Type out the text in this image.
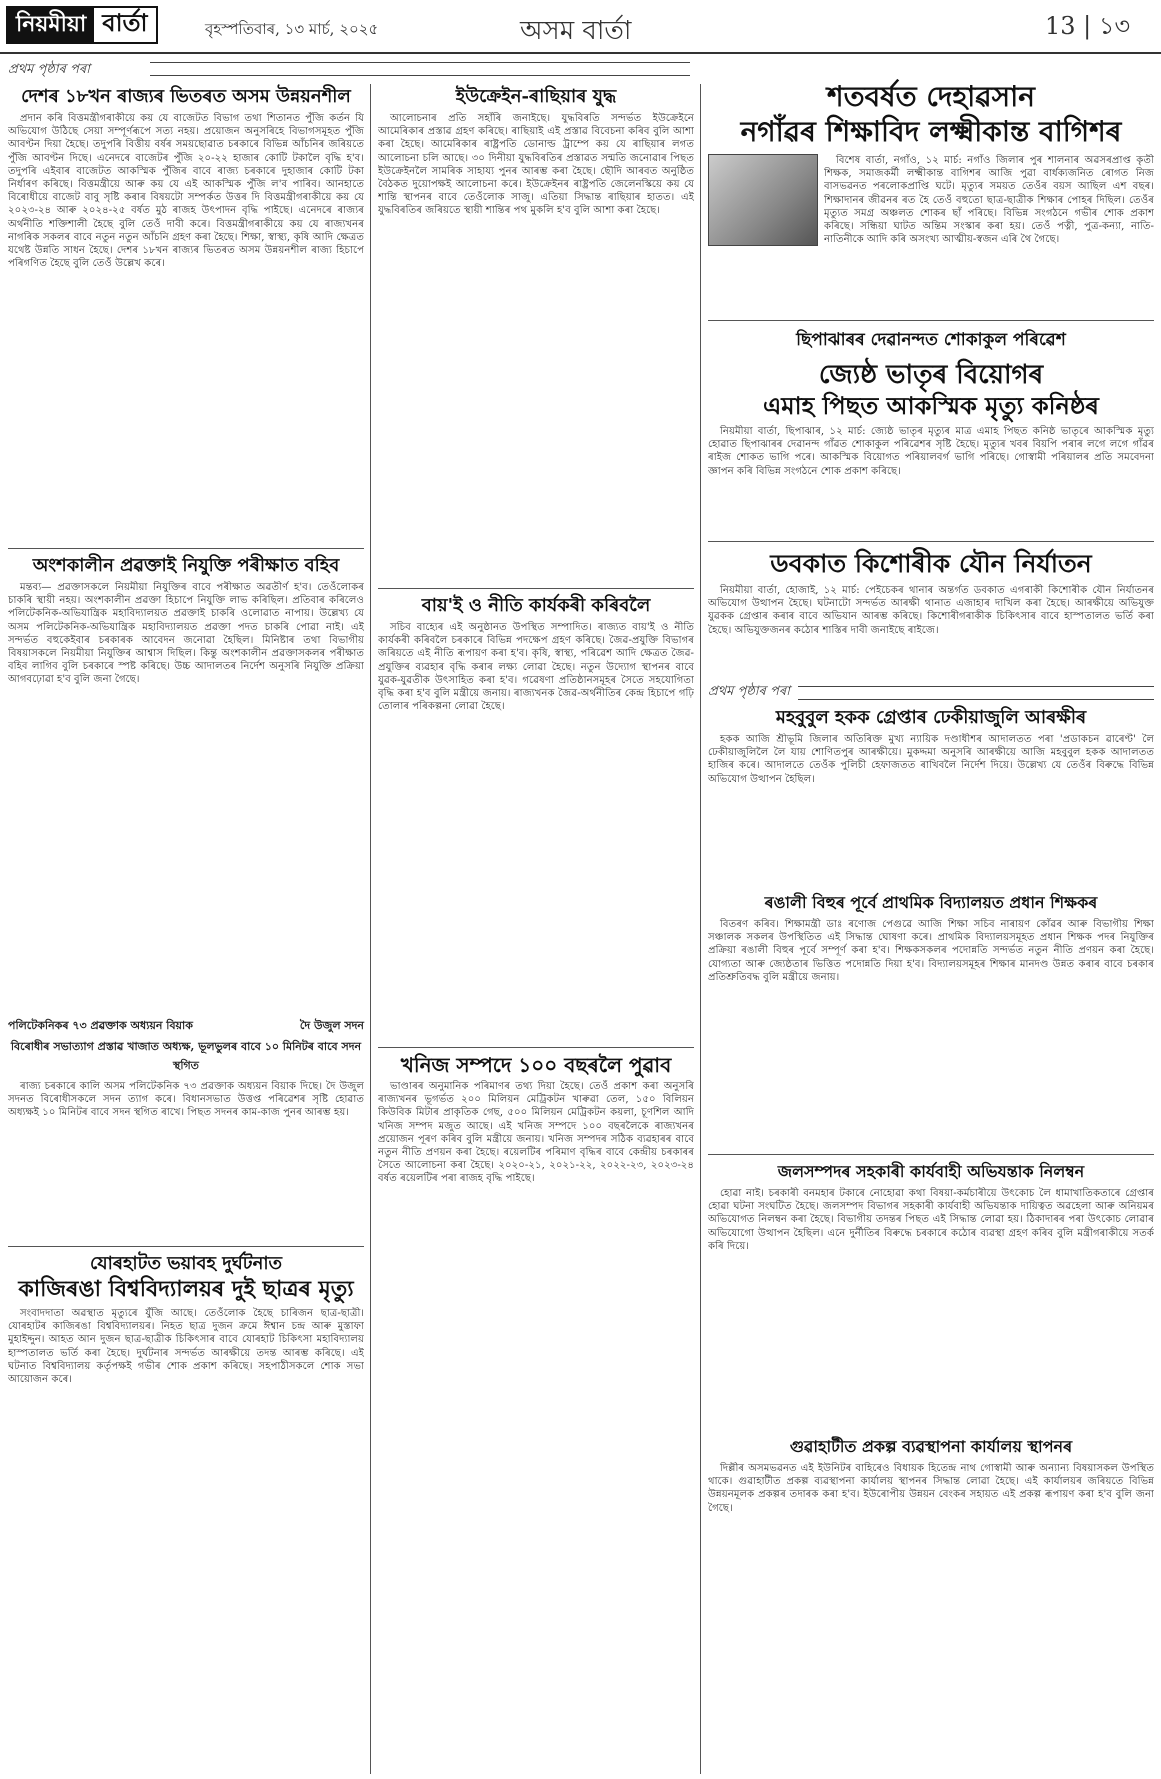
নিয়মীয়া বাৰ্তা	বৃহস্পতিবাৰ, ১৩ মাৰ্চ, ২০২৫	অসম বাৰ্তা	13 | ১৩
প্ৰথম পৃষ্ঠাৰ পৰা
দেশৰ ১৮খন ৰাজ্যৰ ভিতৰত অসম উন্নয়নশীল

প্ৰদান কৰি বিত্তমন্ত্ৰীগৰাকীয়ে কয় যে বাজেটত বিভাগ তথা শিতানত পুঁজি কৰ্তন যি অভিযোগ উঠিছে সেয়া সম্পূৰ্ণৰূপে সত্য নহয়। প্ৰয়োজন অনুসৰিহে বিভাগসমূহত পুঁজি আবণ্টন দিয়া হৈছে। তদুপৰি বিত্তীয় বৰ্ষৰ সময়ছোৱাত চৰকাৰে বিভিন্ন আঁচনিৰ জৰিয়তে পুঁজি আবণ্টন দিছে। এনেদৰে বাজেটৰ পুঁজি ২০-২২ হাজাৰ কোটি টকালৈ বৃদ্ধি হ'ব। তদুপৰি এইবাৰ বাজেটত আকস্মিক পুঁজিৰ বাবে ৰাজ্য চৰকাৰে দুহাজাৰ কোটি টকা নিৰ্ধাৰণ কৰিছে। বিত্তমন্ত্ৰীয়ে আৰু কয় যে এই আকস্মিক পুঁজি ল'ব পাৰিব। আনহাতে বিৰোধীয়ে বাজেট বাবু সৃষ্টি কৰাৰ বিষয়টো সম্পৰ্কত উত্তৰ দি বিত্তমন্ত্ৰীগৰাকীয়ে কয় যে ২০২৩-২৪ আৰু ২০২৪-২৫ বৰ্ষত মুঠ ৰাজহ উৎপাদন বৃদ্ধি পাইছে। এনেদৰে ৰাজ্যৰ অৰ্থনীতি শক্তিশালী হৈছে বুলি তেওঁ দাবী কৰে। বিত্তমন্ত্ৰীগৰাকীয়ে কয় যে ৰাজ্যখনৰ নাগৰিক সকলৰ বাবে নতুন নতুন আঁচনি গ্ৰহণ কৰা হৈছে। শিক্ষা, স্বাস্থ্য, কৃষি আদি ক্ষেত্ৰত যথেষ্ট উন্নতি সাধন হৈছে। দেশৰ ১৮খন ৰাজ্যৰ ভিতৰত অসম উন্নয়নশীল ৰাজ্য হিচাপে পৰিগণিত হৈছে বুলি তেওঁ উল্লেখ কৰে।

অংশকালীন প্ৰৱক্তাই নিযুক্তি পৰীক্ষাত বহিব

মন্তব্য— প্ৰৱক্তাসকলে নিয়মীয়া নিযুক্তিৰ বাবে পৰীক্ষাত অৱতীৰ্ণ হ'ব। তেওঁলোকৰ চাকৰি স্থায়ী নহয়। অংশকালীন প্ৰৱক্তা হিচাপে নিযুক্তি লাভ কৰিছিল। প্ৰতিবাৰ কৰিলেও পলিটেকনিক-অভিযান্ত্ৰিক মহাবিদ্যালয়ত প্ৰৱক্তাই চাকৰি ওলোৱাত নাপায়। উল্লেখ্য যে অসম পলিটেকনিক-অভিযান্ত্ৰিক মহাবিদ্যালয়ত প্ৰৱক্তা পদত চাকৰি পোৱা নাই। এই সন্দৰ্ভত বহুকেইবাৰ চৰকাৰক আবেদন জনোৱা হৈছিল। মিনিষ্টাৰ তথা বিভাগীয় বিষয়াসকলে নিয়মীয়া নিযুক্তিৰ আশ্বাস দিছিল। কিন্তু অংশকালীন প্ৰৱক্তাসকলৰ পৰীক্ষাত বহিব লাগিব বুলি চৰকাৰে স্পষ্ট কৰিছে। উচ্চ আদালতৰ নিৰ্দেশ অনুসৰি নিযুক্তি প্ৰক্ৰিয়া আগবঢ়োৱা হ'ব বুলি জনা গৈছে।

পলিটেকনিকৰ ৭৩ প্ৰৱক্তাক অধ্যয়ন বিয়াক	দৈ উজুল সদন
বিৰোধীৰ সভাত্যাগ প্ৰস্তাৱ খাজাত অধ্যক্ষ, ভূলভুলৰ বাবে ১০ মিনিটৰ বাবে সদন স্থগিত

ৰাজ্য চৰকাৰে কালি অসম পলিটেকনিক ৭৩ প্ৰৱক্তাক অধ্যয়ন বিয়াক দিছে। দৈ উজুল সদনত বিৰোধীসকলে সদন ত্যাগ কৰে। বিধানসভাত উত্তপ্ত পৰিৱেশৰ সৃষ্টি হোৱাত অধ্যক্ষই ১০ মিনিটৰ বাবে সদন স্থগিত ৰাখে। পিছত সদনৰ কাম-কাজ পুনৰ আৰম্ভ হয়।

যোৰহাটত ভয়াবহ দুৰ্ঘটনাত
কাজিৰঙা বিশ্ববিদ্যালয়ৰ দুই ছাত্ৰৰ মৃত্যু

সংবাদদাতা অৱস্থাত মৃত্যুৰে যুঁজি আছে। তেওঁলোক হৈছে চাৰিজন ছাত্ৰ-ছাত্ৰী। যোৰহাটৰ কাজিৰঙা বিশ্ববিদ্যালয়ৰ। নিহত ছাত্ৰ দুজন ক্ৰমে ঈশ্বান চন্দ্ৰ আৰু মুস্তাফা মুহাইদ্দুন। আহত আন দুজন ছাত্ৰ-ছাত্ৰীক চিকিৎসাৰ বাবে যোৰহাট চিকিৎসা মহাবিদ্যালয় হাস্পতালত ভৰ্তি কৰা হৈছে। দুৰ্ঘটনাৰ সন্দৰ্ভত আৰক্ষীয়ে তদন্ত আৰম্ভ কৰিছে। এই ঘটনাত বিশ্ববিদ্যালয় কৰ্তৃপক্ষই গভীৰ শোক প্ৰকাশ কৰিছে। সহপাঠীসকলে শোক সভা আয়োজন কৰে।

ইউক্ৰেইন-ৰাছিয়াৰ যুদ্ধ

আলোচনাৰ প্ৰতি সহাঁৰি জনাইছে। যুদ্ধবিৰতি সন্দৰ্ভত ইউক্ৰেইনে আমেৰিকাৰ প্ৰস্তাৱ গ্ৰহণ কৰিছে। ৰাছিয়াই এই প্ৰস্তাৱ বিবেচনা কৰিব বুলি আশা কৰা হৈছে। আমেৰিকাৰ ৰাষ্ট্ৰপতি ডোনাল্ড ট্ৰাম্পে কয় যে ৰাছিয়াৰ লগত আলোচনা চলি আছে। ৩০ দিনীয়া যুদ্ধবিৰতিৰ প্ৰস্তাৱত সন্মতি জনোৱাৰ পিছত ইউক্ৰেইনলৈ সামৰিক সাহায্য পুনৰ আৰম্ভ কৰা হৈছে। ছৌদি আৰবত অনুষ্ঠিত বৈঠকত দুয়োপক্ষই আলোচনা কৰে। ইউক্ৰেইনৰ ৰাষ্ট্ৰপতি জেলেনস্কিয়ে কয় যে শান্তি স্থাপনৰ বাবে তেওঁলোক সাজু। এতিয়া সিদ্ধান্ত ৰাছিয়াৰ হাতত। এই যুদ্ধবিৰতিৰ জৰিয়তে স্থায়ী শান্তিৰ পথ মুকলি হ'ব বুলি আশা কৰা হৈছে।

বায়'ই ও নীতি কাৰ্যকৰী কৰিবলৈ

সচিব বাহ্যেৰ এই অনুষ্ঠানত উপস্থিত সম্পাদিত। ৰাজ্যত বায়'ই ও নীতি কাৰ্যকৰী কৰিবলৈ চৰকাৰে বিভিন্ন পদক্ষেপ গ্ৰহণ কৰিছে। জৈৱ-প্ৰযুক্তি বিভাগৰ জৰিয়তে এই নীতি ৰূপায়ণ কৰা হ'ব। কৃষি, স্বাস্থ্য, পৰিৱেশ আদি ক্ষেত্ৰত জৈৱ-প্ৰযুক্তিৰ ব্যৱহাৰ বৃদ্ধি কৰাৰ লক্ষ্য লোৱা হৈছে। নতুন উদ্যোগ স্থাপনৰ বাবে যুৱক-যুৱতীক উৎসাহিত কৰা হ'ব। গৱেষণা প্ৰতিষ্ঠানসমূহৰ সৈতে সহযোগিতা বৃদ্ধি কৰা হ'ব বুলি মন্ত্ৰীয়ে জনায়। ৰাজ্যখনক জৈৱ-অৰ্থনীতিৰ কেন্দ্ৰ হিচাপে গঢ়ি তোলাৰ পৰিকল্পনা লোৱা হৈছে।

খনিজ সম্পদে ১০০ বছৰলৈ পুৱাব

ভাণ্ডাৰৰ অনুমানিক পৰিমাণৰ তথ্য দিয়া হৈছে। তেওঁ প্ৰকাশ কৰা অনুসৰি ৰাজ্যখনৰ ভূগৰ্ভত ২০০ মিলিয়ন মেট্ৰিকটন খাৰুৱা তেল, ১৫০ বিলিয়ন কিউবিক মিটাৰ প্ৰাকৃতিক গেছ, ৫০০ মিলিয়ন মেট্ৰিকটন কয়লা, চূণশিল আদি খনিজ সম্পদ মজুত আছে। এই খনিজ সম্পদে ১০০ বছৰলৈকে ৰাজ্যখনৰ প্ৰয়োজন পূৰণ কৰিব বুলি মন্ত্ৰীয়ে জনায়। খনিজ সম্পদৰ সঠিক ব্যৱহাৰৰ বাবে নতুন নীতি প্ৰণয়ন কৰা হৈছে। ৰয়েলটিৰ পৰিমাণ বৃদ্ধিৰ বাবে কেন্দ্ৰীয় চৰকাৰৰ সৈতে আলোচনা কৰা হৈছে। ২০২০-২১, ২০২১-২২, ২০২২-২৩, ২০২৩-২৪ বৰ্ষত ৰয়েলটিৰ পৰা ৰাজহ বৃদ্ধি পাইছে।

শতবৰ্ষত দেহাৱসান
নগাঁৱৰ শিক্ষাবিদ লক্ষ্মীকান্ত বাগিশৰ

বিশেষ বাৰ্তা, নগাঁও, ১২ মাৰ্চ: নগাঁও জিলাৰ পুৰ শালনাৰ অৱসৰপ্ৰাপ্ত কৃতী শিক্ষক, সমাজকৰ্মী লক্ষ্মীকান্ত বাগিশৰ আজি পুৱা বাৰ্ধক্যজনিত ৰোগত নিজ বাসভৱনত পৰলোকপ্ৰাপ্তি ঘটে। মৃত্যুৰ সময়ত তেওঁৰ বয়স আছিল এশ বছৰ। শিক্ষাদানৰ জীৱনৰ ৰত হৈ তেওঁ বহুতো ছাত্ৰ-ছাত্ৰীক শিক্ষাৰ পোহৰ দিছিল। তেওঁৰ মৃত্যুত সমগ্ৰ অঞ্চলত শোকৰ ছাঁ পৰিছে। বিভিন্ন সংগঠনে গভীৰ শোক প্ৰকাশ কৰিছে। সন্ধিয়া ঘাটত অন্তিম সংস্কাৰ কৰা হয়। তেওঁ পত্নী, পুত্ৰ-কন্যা, নাতি-নাতিনীকে আদি কৰি অসংখ্য আত্মীয়-স্বজন এৰি থৈ গৈছে।

ছিপাঝাৰৰ দেৱানন্দত শোকাকুল পৰিৱেশ
জ্যেষ্ঠ ভাতৃৰ বিয়োগৰ
এমাহ পিছত আকস্মিক মৃত্যু কনিষ্ঠৰ

নিয়মীয়া বাৰ্তা, ছিপাঝাৰ, ১২ মাৰ্চ: জ্যেষ্ঠ ভাতৃৰ মৃত্যুৰ মাত্ৰ এমাহ পিছত কনিষ্ঠ ভাতৃৰে আকস্মিক মৃত্যু হোৱাত ছিপাঝাৰৰ দেৱানন্দ গাঁৱত শোকাকুল পৰিৱেশৰ সৃষ্টি হৈছে। মৃত্যুৰ খবৰ বিয়পি পৰাৰ লগে লগে গাঁৱৰ ৰাইজ শোকত ভাগি পৰে। আকস্মিক বিয়োগত পৰিয়ালবৰ্গ ভাগি পৰিছে। গোস্বামী পৰিয়ালৰ প্ৰতি সমবেদনা জ্ঞাপন কৰি বিভিন্ন সংগঠনে শোক প্ৰকাশ কৰিছে।

ডবকাত কিশোৰীক যৌন নিৰ্যাতন

নিয়মীয়া বাৰ্তা, হোজাই, ১২ মাৰ্চ: পেইচেকৰ থানাৰ অন্তৰ্গত ডবকাত এগৰাকী কিশোৰীক যৌন নিৰ্যাতনৰ অভিযোগ উত্থাপন হৈছে। ঘটনাটো সন্দৰ্ভত আৰক্ষী থানাত এজাহাৰ দাখিল কৰা হৈছে। আৰক্ষীয়ে অভিযুক্ত যুৱকক গ্ৰেপ্তাৰ কৰাৰ বাবে অভিযান আৰম্ভ কৰিছে। কিশোৰীগৰাকীক চিকিৎসাৰ বাবে হাস্পতালত ভৰ্তি কৰা হৈছে। অভিযুক্তজনৰ কঠোৰ শাস্তিৰ দাবী জনাইছে ৰাইজে।

প্ৰথম পৃষ্ঠাৰ পৰা
মহবুবুল হকক গ্ৰেপ্তাৰ ঢেকীয়াজুলি আৰক্ষীৰ

হকক আজি শ্ৰীভূমি জিলাৰ অতিৰিক্ত মুখ্য ন্যায়িক দণ্ডাধীশৰ আদালতত পৰা 'প্ৰডাকচন ৱাৰেণ্ট' লৈ ঢেকীয়াজুলিলৈ লৈ যায় শোণিতপুৰ আৰক্ষীয়ে। মুকদ্দমা অনুসৰি আৰক্ষীয়ে আজি মহবুবুল হকক আদালতত হাজিৰ কৰে। আদালতে তেওঁক পুলিচী হেফাজতত ৰাখিবলৈ নিৰ্দেশ দিয়ে। উল্লেখ্য যে তেওঁৰ বিৰুদ্ধে বিভিন্ন অভিযোগ উত্থাপন হৈছিল।

ৰঙালী বিহুৰ পূৰ্বে প্ৰাথমিক বিদ্যালয়ত প্ৰধান শিক্ষকৰ

বিতৰণ কৰিব। শিক্ষামন্ত্ৰী ডাঃ ৰণোজ পেগুৱে আজি শিক্ষা সচিব নাৰায়ণ কোঁৱৰ আৰু বিভাগীয় শিক্ষা সঞ্চালক সকলৰ উপস্থিতিত এই সিদ্ধান্ত ঘোষণা কৰে। প্ৰাথমিক বিদ্যালয়সমূহত প্ৰধান শিক্ষক পদৰ নিযুক্তিৰ প্ৰক্ৰিয়া ৰঙালী বিহুৰ পূৰ্বে সম্পূৰ্ণ কৰা হ'ব। শিক্ষকসকলৰ পদোন্নতি সন্দৰ্ভত নতুন নীতি প্ৰণয়ন কৰা হৈছে। যোগ্যতা আৰু জ্যেষ্ঠতাৰ ভিত্তিত পদোন্নতি দিয়া হ'ব। বিদ্যালয়সমূহৰ শিক্ষাৰ মানদণ্ড উন্নত কৰাৰ বাবে চৰকাৰ প্ৰতিশ্ৰুতিবদ্ধ বুলি মন্ত্ৰীয়ে জনায়।

জলসম্পদৰ সহকাৰী কাৰ্যবাহী অভিযন্তাক নিলম্বন

হোৱা নাই। চৰকাৰী বনমহাৰ টকাৰে নোহোৱা কথা বিষয়া-কৰ্মচাৰীয়ে উৎকোচ লৈ ধামাখাতিকতাৰে গ্ৰেপ্তাৰ হোৱা ঘটনা সংঘটিত হৈছে। জলসম্পদ বিভাগৰ সহকাৰী কাৰ্যবাহী অভিযন্তাক দায়িত্বত অৱহেলা আৰু অনিয়মৰ অভিযোগত নিলম্বন কৰা হৈছে। বিভাগীয় তদন্তৰ পিছত এই সিদ্ধান্ত লোৱা হয়। ঠিকাদাৰৰ পৰা উৎকোচ লোৱাৰ অভিযোগো উত্থাপন হৈছিল। এনে দুৰ্নীতিৰ বিৰুদ্ধে চৰকাৰে কঠোৰ ব্যৱস্থা গ্ৰহণ কৰিব বুলি মন্ত্ৰীগৰাকীয়ে সতৰ্ক কৰি দিয়ে।

গুৱাহাটীত প্ৰকল্প ব্যৱস্থাপনা কাৰ্যালয় স্থাপনৰ

দিল্লীৰ অসমভৱনত এই ইউনিটৰ বাহিৰেও বিধায়ক হিতেন্দ্ৰ নাথ গোস্বামী আৰু অন্যান্য বিষয়াসকল উপস্থিত থাকে। গুৱাহাটীত প্ৰকল্প ব্যৱস্থাপনা কাৰ্যালয় স্থাপনৰ সিদ্ধান্ত লোৱা হৈছে। এই কাৰ্যালয়ৰ জৰিয়তে বিভিন্ন উন্নয়নমূলক প্ৰকল্পৰ তদাৰক কৰা হ'ব। ইউৰোপীয় উন্নয়ন বেংকৰ সহায়ত এই প্ৰকল্প ৰূপায়ণ কৰা হ'ব বুলি জনা গৈছে।
